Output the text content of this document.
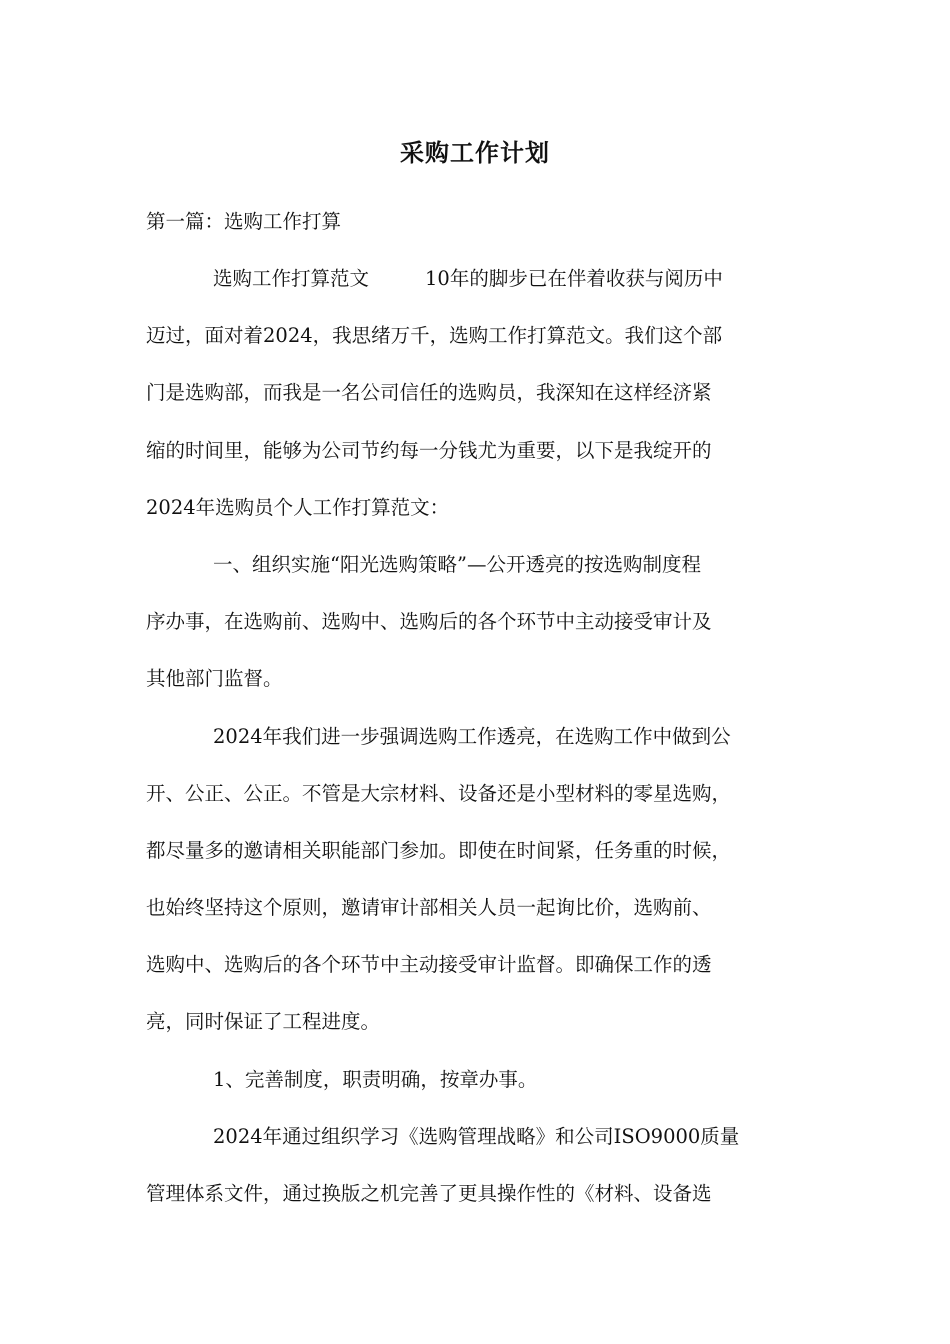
采购工作计划
第一篇：选购工作打算
选购工作打算范文	10年的脚步已在伴着收获与阅历中
迈过，面对着2024，我思绪万千，选购工作打算范文。我们这个部
门是选购部，而我是一名公司信任的选购员，我深知在这样经济紧
缩的时间里，能够为公司节约每一分钱尤为重要，以下是我绽开的
2024年选购员个人工作打算范文：
一、组织实施“阳光选购策略”—公开透亮的按选购制度程
序办事，在选购前、选购中、选购后的各个环节中主动接受审计及
其他部门监督。
2024年我们进一步强调选购工作透亮，在选购工作中做到公
开、公正、公正。不管是大宗材料、设备还是小型材料的零星选购，
都尽量多的邀请相关职能部门参加。即使在时间紧，任务重的时候，
也始终坚持这个原则，邀请审计部相关人员一起询比价，选购前、
选购中、选购后的各个环节中主动接受审计监督。即确保工作的透
亮，同时保证了工程进度。
1、完善制度，职责明确，按章办事。
2024年通过组织学习《选购管理战略》和公司ISO9000质量
管理体系文件，通过换版之机完善了更具操作性的《材料、设备选
